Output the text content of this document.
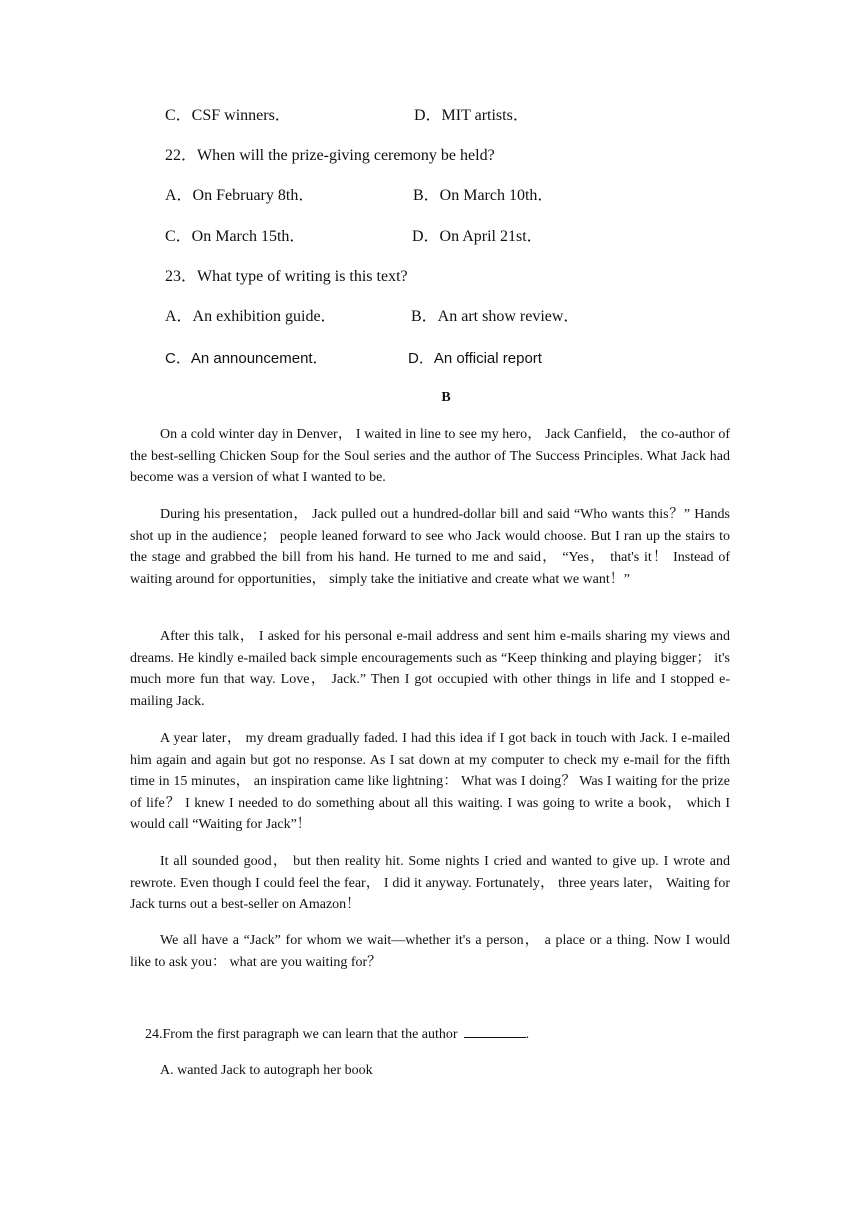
C．CSF winners．	D．MIT artists．
22．When will the prize-giving ceremony be held?
A．On February 8th．	B．On March 10th．
C．On March 15th．	D．On April 21st．
23．What type of writing is this text?
A．An exhibition guide．	B．An art show review．
C．An announcement．	D．An official report
B

On a cold winter day in Denver， I waited in line to see my hero， Jack Canfield， the co-author of the best-selling Chicken Soup for the Soul series and the author of The Success Principles. What Jack had become was a version of what I wanted to be.

During his presentation， Jack pulled out a hundred-dollar bill and said “Who wants this？” Hands shot up in the audience； people leaned forward to see who Jack would choose. But I ran up the stairs to the stage and grabbed the bill from his hand. He turned to me and said， “Yes， that's it！ Instead of waiting around for opportunities， simply take the initiative and create what we want！”

After this talk， I asked for his personal e-mail address and sent him e-mails sharing my views and dreams. He kindly e-mailed back simple encouragements such as “Keep thinking and playing bigger； it's much more fun that way. Love， Jack.” Then I got occupied with other things in life and I stopped e-mailing Jack.

A year later， my dream gradually faded. I had this idea if I got back in touch with Jack. I e-mailed him again and again but got no response. As I sat down at my computer to check my e-mail for the fifth time in 15 minutes， an inspiration came like lightning： What was I doing？ Was I waiting for the prize of life？ I knew I needed to do something about all this waiting. I was going to write a book， which I would call “Waiting for Jack”！

It all sounded good， but then reality hit. Some nights I cried and wanted to give up. I wrote and rewrote. Even though I could feel the fear， I did it anyway. Fortunately， three years later， Waiting for Jack turns out a best-seller on Amazon！

We all have a “Jack” for whom we wait—whether it's a person， a place or a thing. Now I would like to ask you： what are you waiting for？

24.From the first paragraph we can learn that the author	.
A. wanted Jack to autograph her book
